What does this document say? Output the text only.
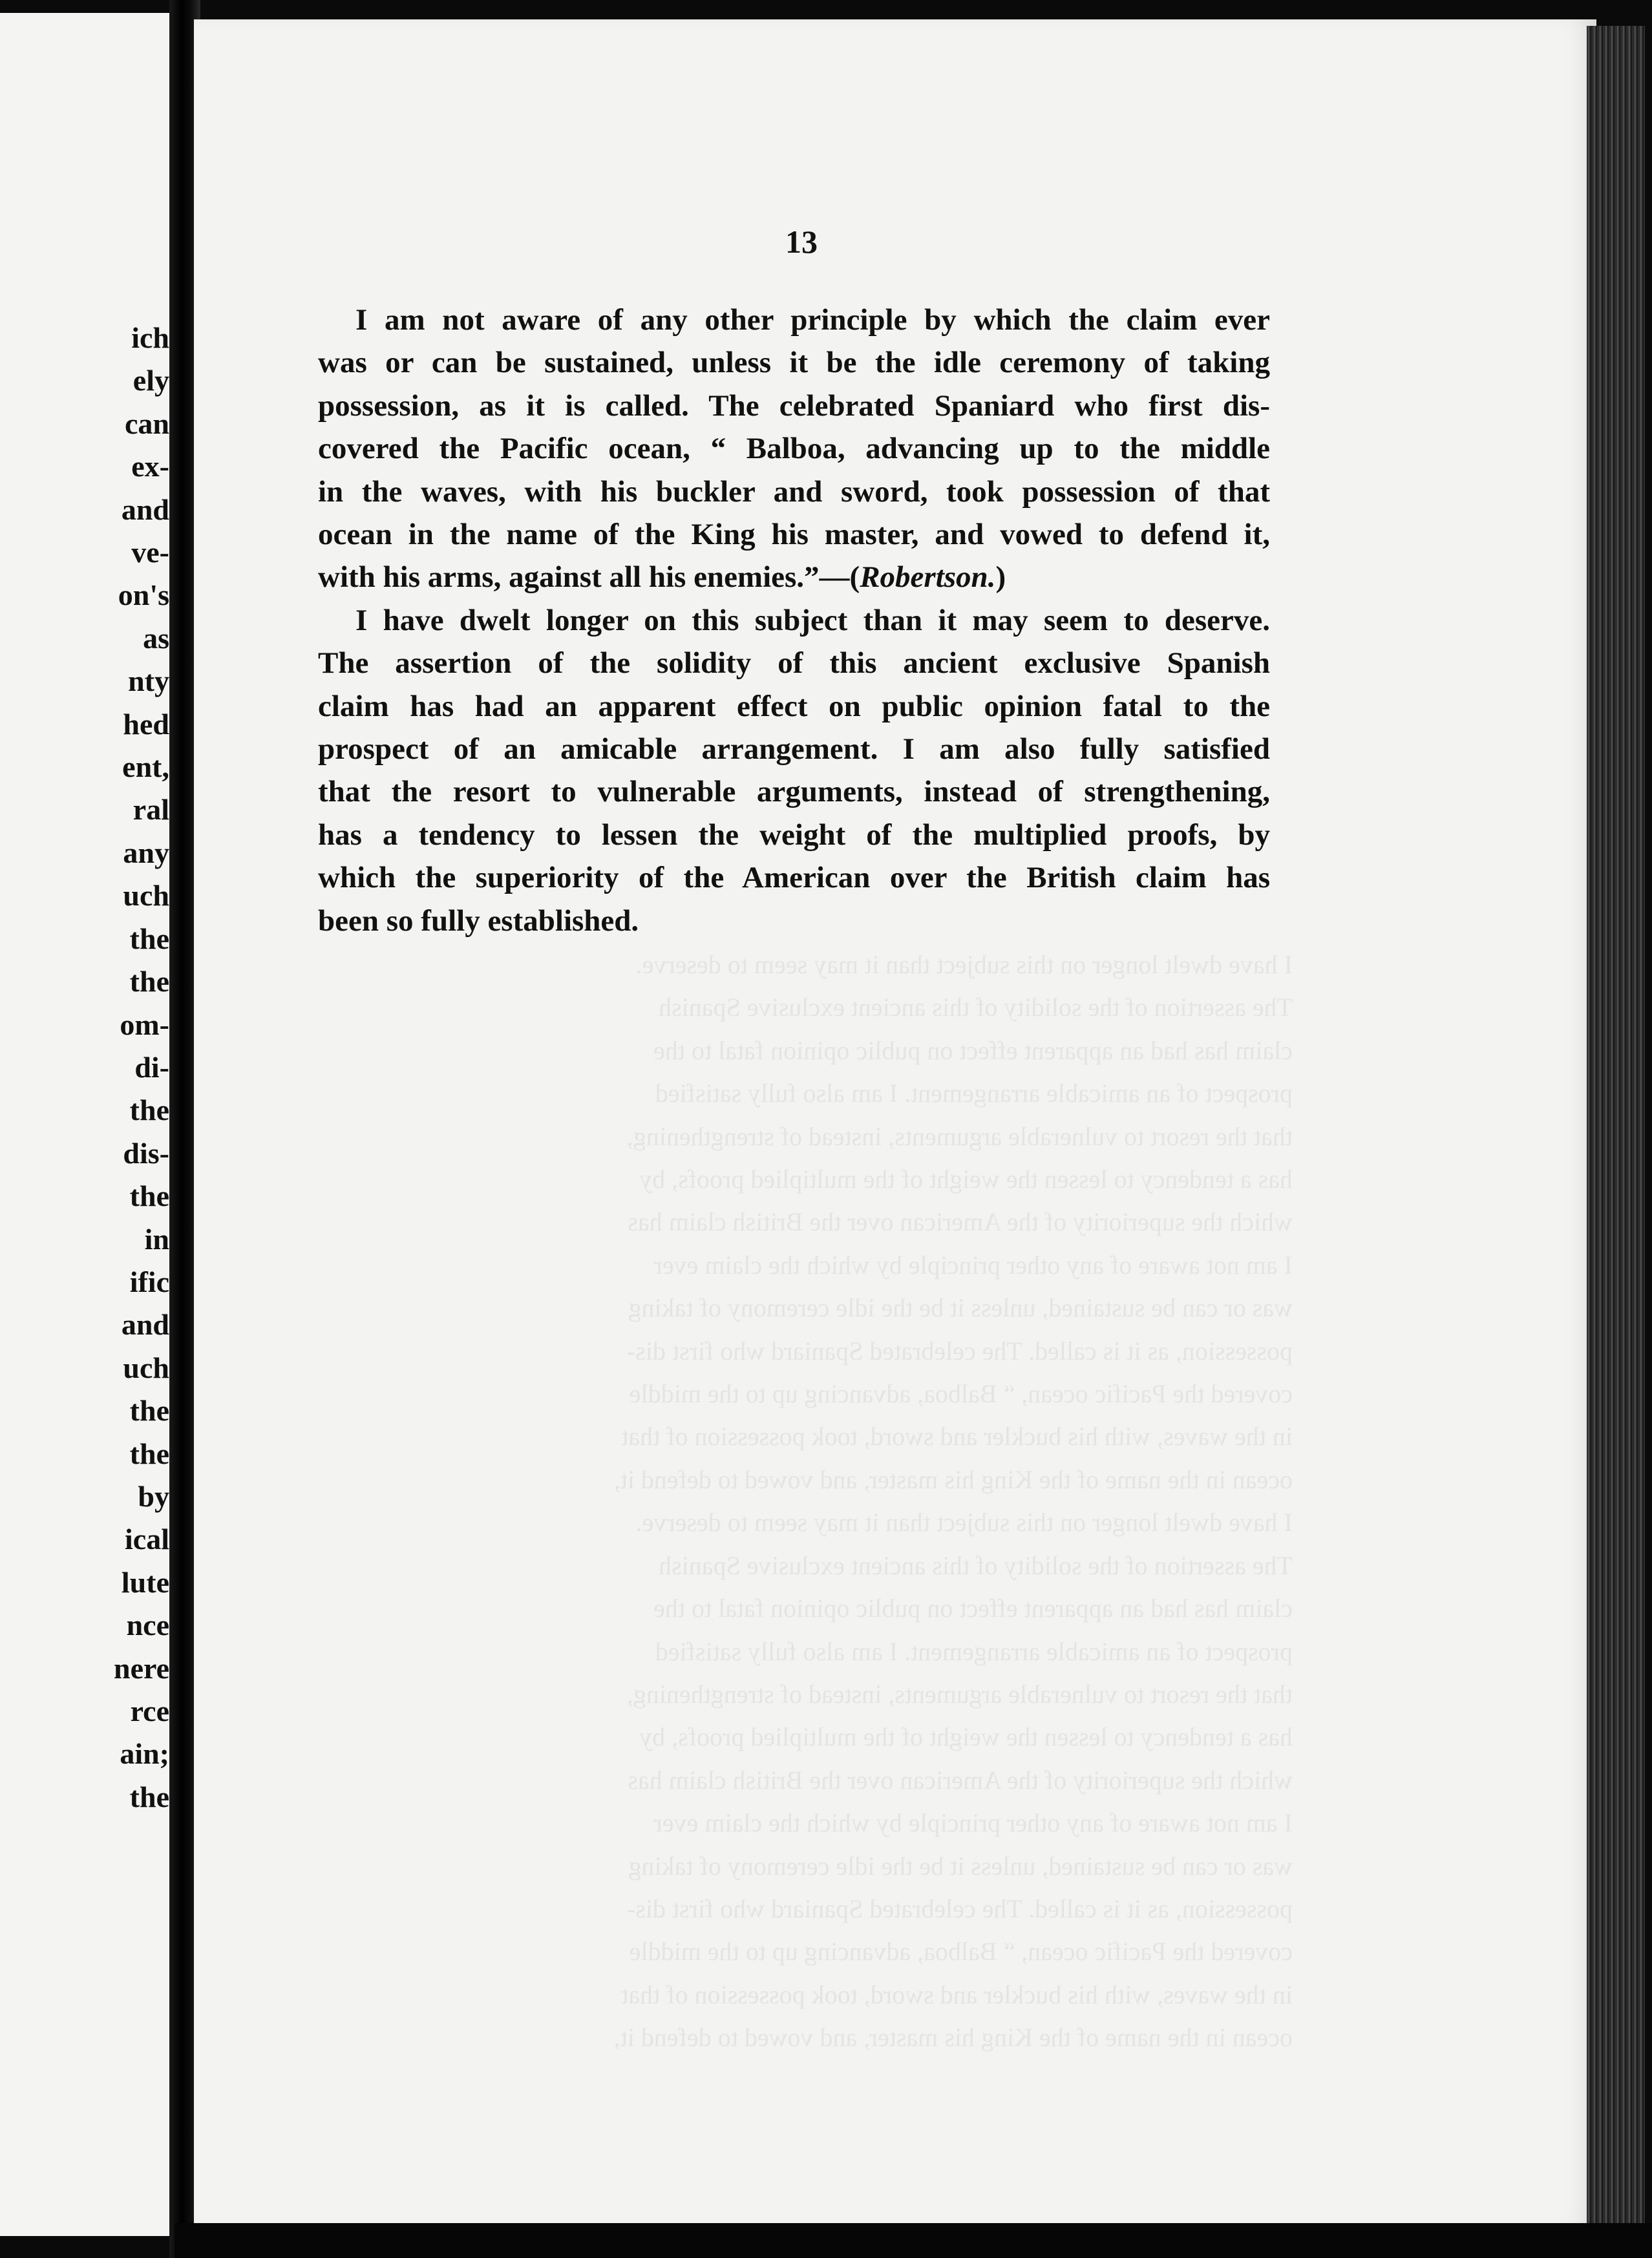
ich
ely
can
ex-
and
ve-
on's
as
nty
hed
ent,
ral
any
uch
the
the
om-
di-
the
dis-
the
in
ific
and
uch
the
the
by
ical
lute
nce
nere
rce
ain;
the
I have dwelt longer on this subject than it may seem to deserve.
The assertion of the solidity of this ancient exclusive Spanish
claim has had an apparent effect on public opinion fatal to the
prospect of an amicable arrangement. I am also fully satisfied
that the resort to vulnerable arguments, instead of strengthening,
has a tendency to lessen the weight of the multiplied proofs, by
which the superiority of the American over the British claim has
I am not aware of any other principle by which the claim ever
was or can be sustained, unless it be the idle ceremony of taking
possession, as it is called. The celebrated Spaniard who first dis-
covered the Pacific ocean, “ Balboa, advancing up to the middle
in the waves, with his buckler and sword, took possession of that
ocean in the name of the King his master, and vowed to defend it,
I have dwelt longer on this subject than it may seem to deserve.
The assertion of the solidity of this ancient exclusive Spanish
claim has had an apparent effect on public opinion fatal to the
prospect of an amicable arrangement. I am also fully satisfied
that the resort to vulnerable arguments, instead of strengthening,
has a tendency to lessen the weight of the multiplied proofs, by
which the superiority of the American over the British claim has
I am not aware of any other principle by which the claim ever
was or can be sustained, unless it be the idle ceremony of taking
possession, as it is called. The celebrated Spaniard who first dis-
covered the Pacific ocean, “ Balboa, advancing up to the middle
in the waves, with his buckler and sword, took possession of that
ocean in the name of the King his master, and vowed to defend it,
13

I am not aware of any other principle by which the claim ever
was or can be sustained, unless it be the idle ceremony of taking
possession, as it is called. The celebrated Spaniard who first dis-
covered the Pacific ocean, “ Balboa, advancing up to the middle
in the waves, with his buckler and sword, took possession of that
ocean in the name of the King his master, and vowed to defend it,
with his arms, against all his enemies.”—(Robertson.)

I have dwelt longer on this subject than it may seem to deserve.
The assertion of the solidity of this ancient exclusive Spanish
claim has had an apparent effect on public opinion fatal to the
prospect of an amicable arrangement. I am also fully satisfied
that the resort to vulnerable arguments, instead of strengthening,
has a tendency to lessen the weight of the multiplied proofs, by
which the superiority of the American over the British claim has
been so fully established.
